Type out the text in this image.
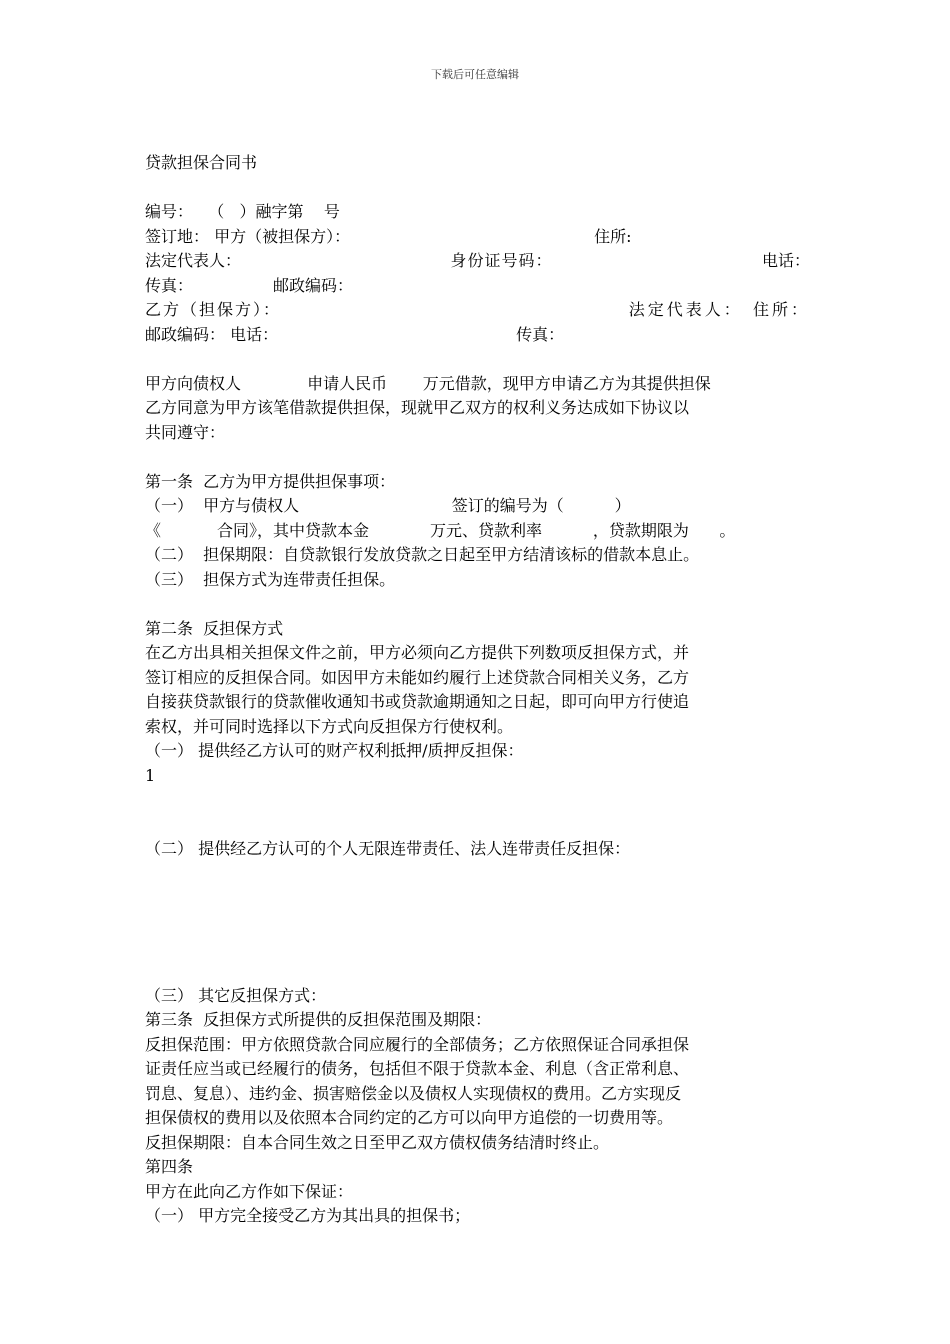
下载后可任意编辑
贷款担保合同书
编号：   （   ）融字第    号
签订地： 甲方（被担保方）：	住所:
法定代表人：	身份证号码：	电话：
传真：	邮政编码：
乙方（担保方）：	法定代表人： 住所：
邮政编码： 电话：	传真：
甲方向债权人             申请人民币       万元借款，现甲方申请乙方为其提供担保
乙方同意为甲方该笔借款提供担保，现就甲乙双方的权利义务达成如下协议以
共同遵守：
第一条  乙方为甲方提供担保事项：
（一）  甲方与债权人                              签订的编号为（          ）
《           合同》，其中贷款本金            万元、贷款利率          ，贷款期限为      。
（二）  担保期限：自贷款银行发放贷款之日起至甲方结清该标的借款本息止。
（三）  担保方式为连带责任担保。
第二条  反担保方式
在乙方出具相关担保文件之前，甲方必须向乙方提供下列数项反担保方式，并
签订相应的反担保合同。如因甲方未能如约履行上述贷款合同相关义务，乙方
自接获贷款银行的贷款催收通知书或贷款逾期通知之日起，即可向甲方行使追
索权，并可同时选择以下方式向反担保方行使权利。
（一） 提供经乙方认可的财产权利抵押/质押反担保：
1
（二） 提供经乙方认可的个人无限连带责任、法人连带责任反担保：
（三） 其它反担保方式：
第三条  反担保方式所提供的反担保范围及期限：
反担保范围：甲方依照贷款合同应履行的全部债务；乙方依照保证合同承担保
证责任应当或已经履行的债务，包括但不限于贷款本金、利息（含正常利息、
罚息、复息）、违约金、损害赔偿金以及债权人实现债权的费用。乙方实现反
担保债权的费用以及依照本合同约定的乙方可以向甲方追偿的一切费用等。
反担保期限：自本合同生效之日至甲乙双方债权债务结清时终止。
第四条
甲方在此向乙方作如下保证：
（一） 甲方完全接受乙方为其出具的担保书；
